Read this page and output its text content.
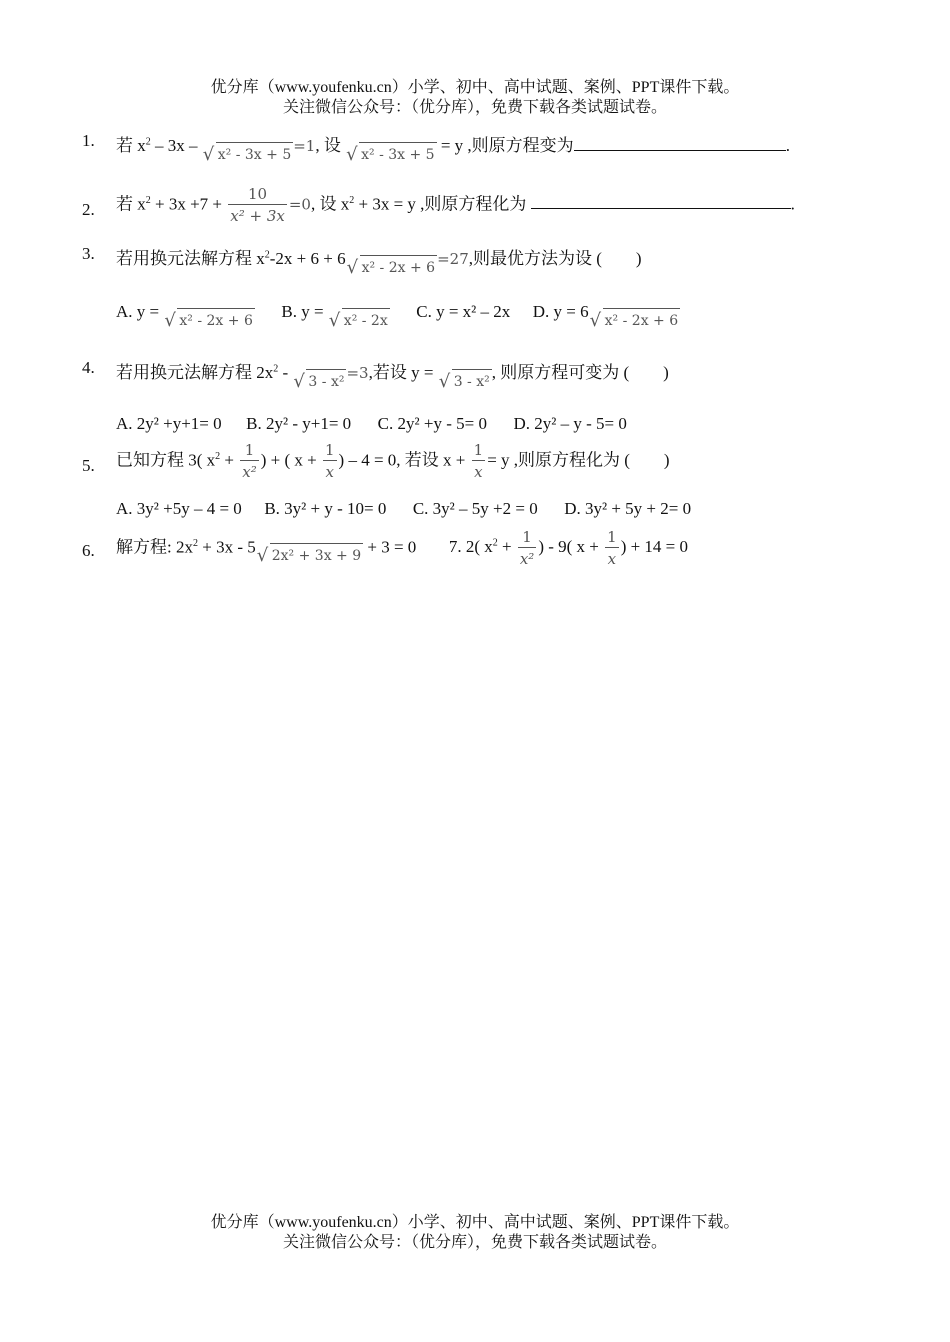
优分库（www.youfenku.cn）小学、初中、高中试题、案例、PPT课件下载。
关注微信公众号：（优分库），免费下载各类试题试卷。
1. 若 $x^2 - 3x$ – √ x² - 3x + 5 =1, 设 √ x² - 3x + 5 = y ,则原方程变为	.
2. 若 $x^2 + 3x +7 + \frac{10}{\text{x² + 3x}} =0$, 设 $x^2 + 3x = y$ ,则原方程化为	.
3. 若用换元法解方程 $x^2-2x + 6 + 6√$ x² - 2x + 6 =27,则最优方法为设 (　　)
A. y = √ x² - 2x + 6 B. y = √ x² - 2x C. y = x² – 2x D. y = 6√ x² - 2x + 6
4. 若用换元法解方程 $2x^2$ - √ 3 - x² =3,若设 y = √ 3 - x² , 则原方程可变为 (　　)
A. 2y² +y+1= 0 B. 2y² - y+1= 0 C. 2y² +y - 5= 0 D. 2y² – y - 5= 0
5. 已知方程 3( $x^2 + \frac{1}{\text{x²}}$ ) + ( $x + \frac{1}{x}$ ) – 4 = 0, 若设 $x + \frac{1}{x} = y$ ,则原方程化为 (　　)
A. 3y² +5y – 4 = 0 B. 3y² + y - 10= 0 C. 3y² – 5y +2 = 0 D. 3y² + 5y + 2= 0
6. 解方程: $2x^2 + 3x - 5√$ 2x² + 3x + 9 + 3 = 0 7. 2( $x^2 + \frac{1}{\text{x²}}$ ) - 9( $x + \frac{1}{x}$ ) + 14 = 0
优分库（www.youfenku.cn）小学、初中、高中试题、案例、PPT课件下载。
关注微信公众号：（优分库），免费下载各类试题试卷。
